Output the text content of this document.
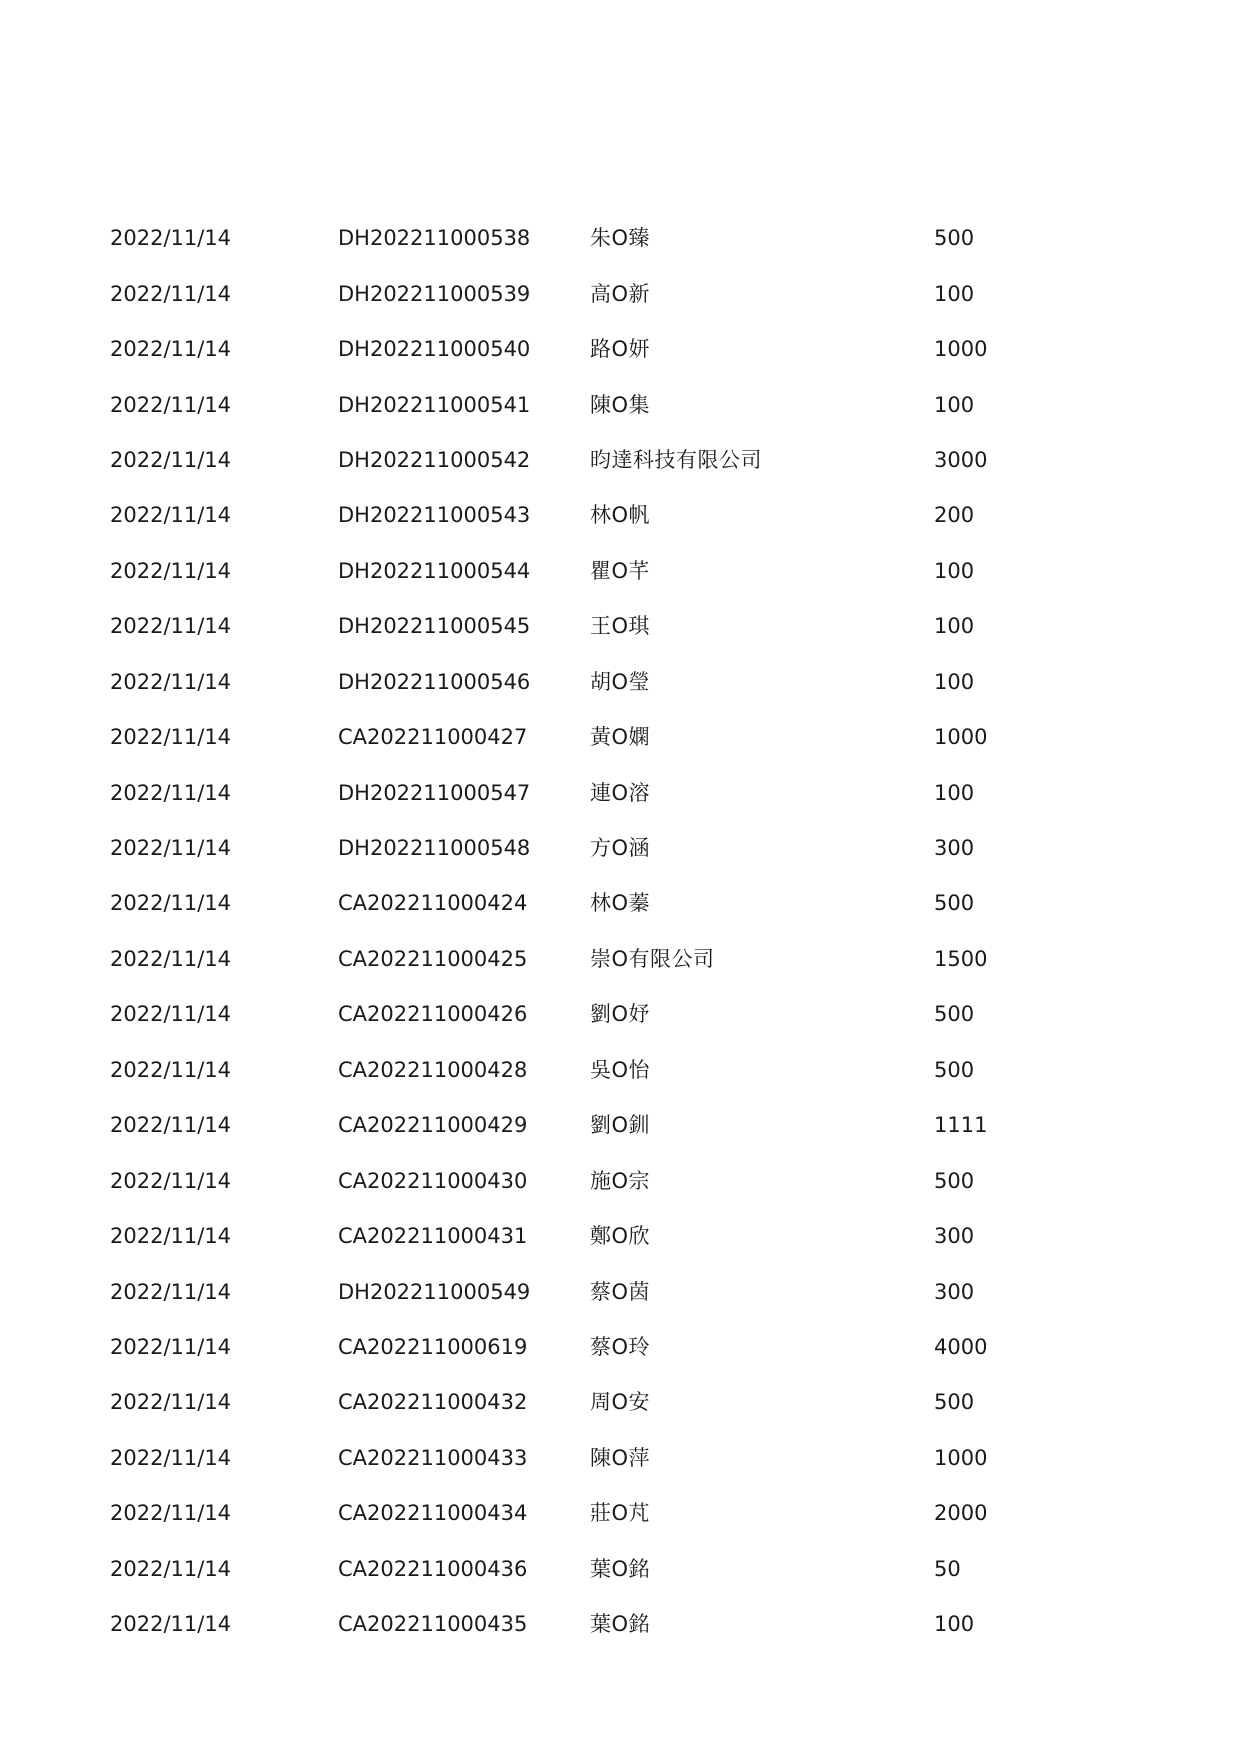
2022/11/14	DH202211000538	朱O臻	500
2022/11/14	DH202211000539	高O新	100
2022/11/14	DH202211000540	路O妍	1000
2022/11/14	DH202211000541	陳O集	100
2022/11/14	DH202211000542	昀達科技有限公司	3000
2022/11/14	DH202211000543	林O帆	200
2022/11/14	DH202211000544	瞿O芊	100
2022/11/14	DH202211000545	王O琪	100
2022/11/14	DH202211000546	胡O瑩	100
2022/11/14	CA202211000427	黃O嫻	1000
2022/11/14	DH202211000547	連O溶	100
2022/11/14	DH202211000548	方O涵	300
2022/11/14	CA202211000424	林O蓁	500
2022/11/14	CA202211000425	崇O有限公司	1500
2022/11/14	CA202211000426	劉O妤	500
2022/11/14	CA202211000428	吳O怡	500
2022/11/14	CA202211000429	劉O釧	1111
2022/11/14	CA202211000430	施O宗	500
2022/11/14	CA202211000431	鄭O欣	300
2022/11/14	DH202211000549	蔡O茵	300
2022/11/14	CA202211000619	蔡O玲	4000
2022/11/14	CA202211000432	周O安	500
2022/11/14	CA202211000433	陳O萍	1000
2022/11/14	CA202211000434	莊O芃	2000
2022/11/14	CA202211000436	葉O銘	50
2022/11/14	CA202211000435	葉O銘	100
